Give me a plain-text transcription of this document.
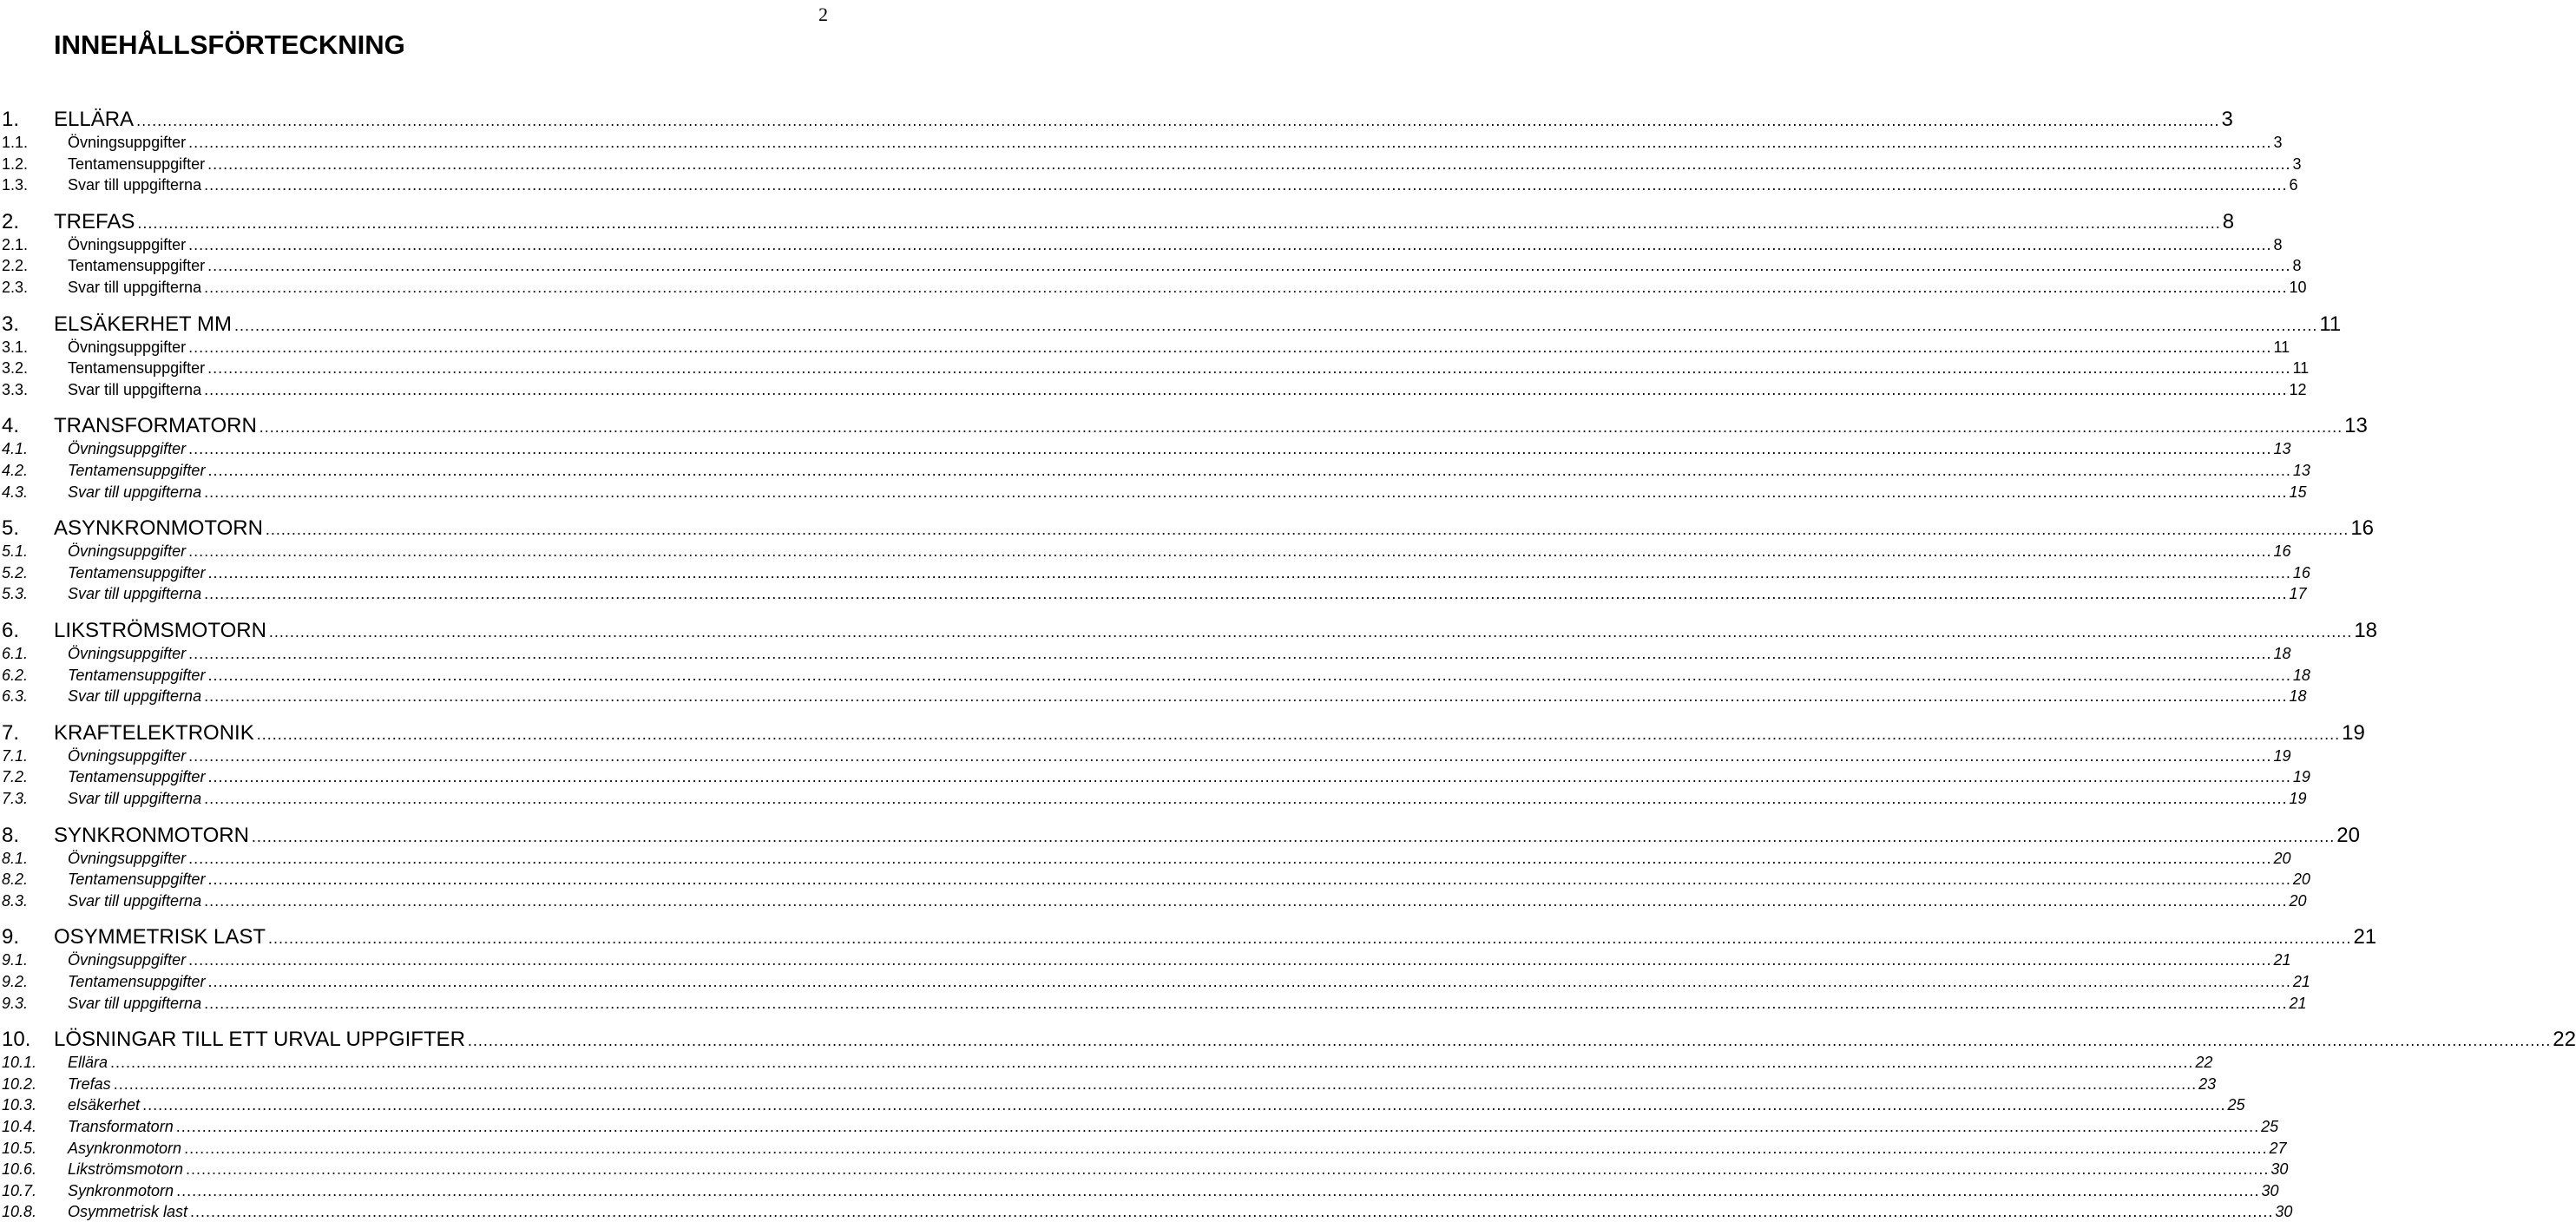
2
INNEHÅLLSFÖRTECKNING
1. ELLÄRA ................................................................................................................................................................................................................................................................................................................................................................................................................ 3
1.1.	Övningsuppgifter ................................................................................................................................................................................................................................................................................................................................................................................................................ 3
1.2.	Tentamensuppgifter ................................................................................................................................................................................................................................................................................................................................................................................................................ 3
1.3.	Svar till uppgifterna ................................................................................................................................................................................................................................................................................................................................................................................................................ 6
2. TREFAS ................................................................................................................................................................................................................................................................................................................................................................................................................ 8
2.1.	Övningsuppgifter ................................................................................................................................................................................................................................................................................................................................................................................................................ 8
2.2.	Tentamensuppgifter ................................................................................................................................................................................................................................................................................................................................................................................................................ 8
2.3.	Svar till uppgifterna ................................................................................................................................................................................................................................................................................................................................................................................................................ 10
3. ELSÄKERHET MM ................................................................................................................................................................................................................................................................................................................................................................................................................ 11
3.1.	Övningsuppgifter ................................................................................................................................................................................................................................................................................................................................................................................................................ 11
3.2.	Tentamensuppgifter ................................................................................................................................................................................................................................................................................................................................................................................................................ 11
3.3.	Svar till uppgifterna ................................................................................................................................................................................................................................................................................................................................................................................................................ 12
4. TRANSFORMATORN ................................................................................................................................................................................................................................................................................................................................................................................................................ 13
4.1.	Övningsuppgifter ................................................................................................................................................................................................................................................................................................................................................................................................................ 13
4.2.	Tentamensuppgifter ................................................................................................................................................................................................................................................................................................................................................................................................................ 13
4.3.	Svar till uppgifterna ................................................................................................................................................................................................................................................................................................................................................................................................................ 15
5. ASYNKRONMOTORN ................................................................................................................................................................................................................................................................................................................................................................................................................ 16
5.1.	Övningsuppgifter ................................................................................................................................................................................................................................................................................................................................................................................................................ 16
5.2.	Tentamensuppgifter ................................................................................................................................................................................................................................................................................................................................................................................................................ 16
5.3.	Svar till uppgifterna ................................................................................................................................................................................................................................................................................................................................................................................................................ 17
6. LIKSTRÖMSMOTORN ................................................................................................................................................................................................................................................................................................................................................................................................................ 18
6.1.	Övningsuppgifter ................................................................................................................................................................................................................................................................................................................................................................................................................ 18
6.2.	Tentamensuppgifter ................................................................................................................................................................................................................................................................................................................................................................................................................ 18
6.3.	Svar till uppgifterna ................................................................................................................................................................................................................................................................................................................................................................................................................ 18
7. KRAFTELEKTRONIK ................................................................................................................................................................................................................................................................................................................................................................................................................ 19
7.1.	Övningsuppgifter ................................................................................................................................................................................................................................................................................................................................................................................................................ 19
7.2.	Tentamensuppgifter ................................................................................................................................................................................................................................................................................................................................................................................................................ 19
7.3.	Svar till uppgifterna ................................................................................................................................................................................................................................................................................................................................................................................................................ 19
8. SYNKRONMOTORN ................................................................................................................................................................................................................................................................................................................................................................................................................ 20
8.1.	Övningsuppgifter ................................................................................................................................................................................................................................................................................................................................................................................................................ 20
8.2.	Tentamensuppgifter ................................................................................................................................................................................................................................................................................................................................................................................................................ 20
8.3.	Svar till uppgifterna ................................................................................................................................................................................................................................................................................................................................................................................................................ 20
9. OSYMMETRISK LAST ................................................................................................................................................................................................................................................................................................................................................................................................................ 21
9.1.	Övningsuppgifter ................................................................................................................................................................................................................................................................................................................................................................................................................ 21
9.2.	Tentamensuppgifter ................................................................................................................................................................................................................................................................................................................................................................................................................ 21
9.3.	Svar till uppgifterna ................................................................................................................................................................................................................................................................................................................................................................................................................ 21
10. LÖSNINGAR TILL ETT URVAL UPPGIFTER ................................................................................................................................................................................................................................................................................................................................................................................................................ 22
10.1. Ellära ................................................................................................................................................................................................................................................................................................................................................................................................................ 22
10.2. Trefas ................................................................................................................................................................................................................................................................................................................................................................................................................ 23
10.3. elsäkerhet ................................................................................................................................................................................................................................................................................................................................................................................................................ 25
10.4. Transformatorn ................................................................................................................................................................................................................................................................................................................................................................................................................ 25
10.5. Asynkronmotorn ................................................................................................................................................................................................................................................................................................................................................................................................................ 27
10.6. Likströmsmotorn ................................................................................................................................................................................................................................................................................................................................................................................................................ 30
10.7. Synkronmotorn ................................................................................................................................................................................................................................................................................................................................................................................................................ 30
10.8. Osymmetrisk last ................................................................................................................................................................................................................................................................................................................................................................................................................ 30
